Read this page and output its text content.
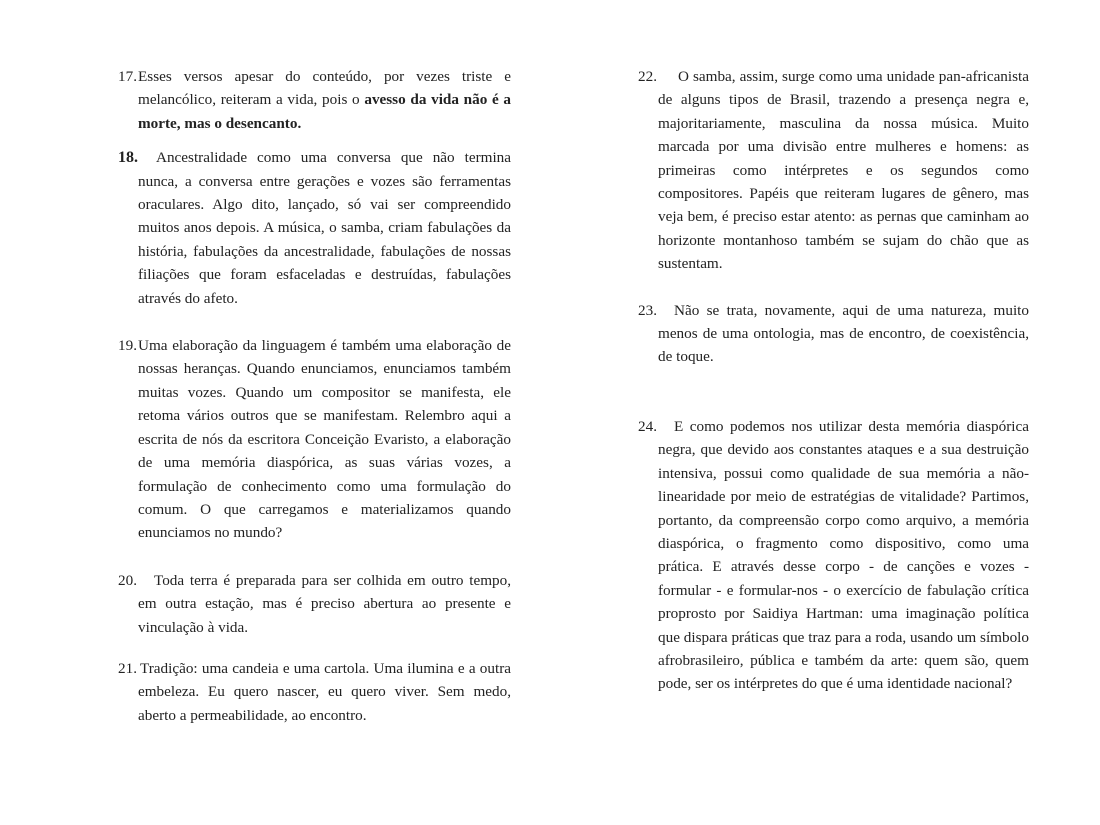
17. Esses versos apesar do conteúdo, por vezes triste e melancólico, reiteram a vida, pois o avesso da vida não é a morte, mas o desencanto.
18. Ancestralidade como uma conversa que não termina nunca, a conversa entre gerações e vozes são ferramentas oraculares. Algo dito, lançado, só vai ser compreendido muitos anos depois. A música, o samba, criam fabulações da história, fabulações da ancestralidade, fabulações de nossas filiações que foram esfaceladas e destruídas, fabulações através do afeto.
19. Uma elaboração da linguagem é também uma elaboração de nossas heranças. Quando enunciamos, enunciamos também muitas vozes. Quando um compositor se manifesta, ele retoma vários outros que se manifestam. Relembro aqui a escrita de nós da escritora Conceição Evaristo, a elaboração de uma memória diaspórica, as suas várias vozes, a formulação de conhecimento como uma formulação do comum. O que carregamos e materializamos quando enunciamos no mundo?
20. Toda terra é preparada para ser colhida em outro tempo, em outra estação, mas é preciso abertura ao presente e vinculação à vida.
21. Tradição: uma candeia e uma cartola. Uma ilumina e a outra embeleza. Eu quero nascer, eu quero viver. Sem medo, aberto a permeabilidade, ao encontro.
22. O samba, assim, surge como uma unidade pan-africanista de alguns tipos de Brasil, trazendo a presença negra e, majoritariamente, masculina da nossa música. Muito marcada por uma divisão entre mulheres e homens: as primeiras como intérpretes e os segundos como compositores. Papéis que reiteram lugares de gênero, mas veja bem, é preciso estar atento: as pernas que caminham ao horizonte montanhoso também se sujam do chão que as sustentam.
23. Não se trata, novamente, aqui de uma natureza, muito menos de uma ontologia, mas de encontro, de coexistência, de toque.
24. E como podemos nos utilizar desta memória diaspórica negra, que devido aos constantes ataques e a sua destruição intensiva, possui como qualidade de sua memória a não-linearidade por meio de estratégias de vitalidade? Partimos, portanto, da compreensão corpo como arquivo, a memória diaspórica, o fragmento como dispositivo, como uma prática. E através desse corpo - de canções e vozes - formular - e formular-nos - o exercício de fabulação crítica proprosto por Saidiya Hartman: uma imaginação política que dispara práticas que traz para a roda, usando um símbolo afrobrasileiro, pública e também da arte: quem são, quem pode, ser os intérpretes do que é uma identidade nacional?
